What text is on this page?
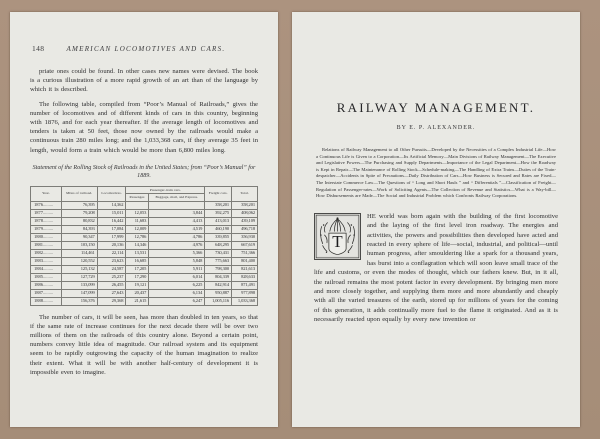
148	AMERICAN LOCOMOTIVES AND CARS.

priate ones could be found. In other cases new names were devised. The book is a curious illustration of a more rapid growth of an art than of the language by which it is described.

The following table, compiled from “Poor’s Manual of Railroads,” gives the number of locomotives and of different kinds of cars in this country, beginning with 1876, and for each year thereafter. If the average length of locomotives and tenders is taken at 50 feet, those now owned by the railroads would make a continuous train 280 miles long; and the 1,033,368 cars, if they average 35 feet in length, would form a train which would be more than 6,800 miles long.

Statement of the Rolling Stock of Railroads in the United States; from “Poor’s Manual” for 1889.
Year.	Miles of railroad.	Locomotives.	Passenger-train cars.		Freight cars.	Total.
			Passenger.	Baggage, mail, and Express.		
1876.........	76,395	14,362			358,201	358,201
1877.........	79,208	15,011	12,053	3,844	392,275	408,062
1878.........	80,832	16,442	11,683	4,413	413,013	439,109
1879.........	84,393	17,084	12,009	4,519	460,190	496,718
1880.........	90,347	17,999	12,786	4,786	339,855	356,930
1881.........	103,150	20,136	14,346	4,976	648,295	667,619
1882.........	114,461	22,114	13,531	5,366	730,431	751,366
1883.........	120,552	23,623	16,685	5,848	775,663	801,400
1884.........	125,132	24,587	17,205	5,911	798,300	821,613
1885.........	127,729	25,237	17,290	6,014	804,339	828,633
1886.........	133,099	26,455	19,121	6,225	842,914	871,491
1887.........	147,099	27,643	20,437	6,134	950,887	977,898
1888.........	156,376	29,368	21,615	6,247	1,005,116	1,033,368

The number of cars, it will be seen, has more than doubled in ten years, so that if the same rate of increase continues for the next decade there will be over two millions of them on the railroads of this country alone. Beyond a certain point, numbers convey little idea of magnitude. Our railroad system and its equipment seem to be rapidly outgrowing the capacity of the human imagination to realize their extent. What it will be with another half-century of development it is impossible even to imagine.

RAILWAY MANAGEMENT.
BY E. P. ALEXANDER.

Relations of Railway Management to all Other Pursuits—Developed by the Necessities of a Complex Industrial Life—How a Continuous Life is Given to a Corporation—Its Artificial Memory—Main Divisions of Railway Management—The Executive and Legislative Powers—The Purchasing and Supply Departments—Importance of the Legal Department—How the Roadway is Kept in Repair—The Maintenance of Rolling Stock—Schedule-making—The Handling of Extra Trains—Duties of the Train-despatcher—Accidents in Spite of Precautions—Daily Distribution of Cars—How Business is Secured and Rates are Fixed—The Interstate Commerce Law—The Questions of “ Long and Short Hauls ” and “ Differentials ”—Classification of Freight—Regulation of Passenger-rates—Work of Soliciting Agents—The Collection of Revenue and Statistics—What is a Way-bill—How Disbursements are Made—The Social and Industrial Problem which Confronts Railway Corporations.

T

HE world was born again with the building of the first locomotive and the laying of the first level iron roadway. The energies and activities, the powers and possibilities then developed have acted and reacted in every sphere of life—social, industrial, and political—until human progress, after smouldering like a spark for a thousand years, has burst into a conflagration which will soon leave small trace of the life and customs, or even the modes of thought, which our fathers knew. But, in it all, the railroad remains the most potent factor in every development. By bringing men more and more closely together, and supplying them more and more abundantly and cheaply with all the varied treasures of the earth, stored up for millions of years for the coming of this generation, it adds continually more fuel to the flame it originated. And as it is necessarily reacted upon equally by every new invention or
